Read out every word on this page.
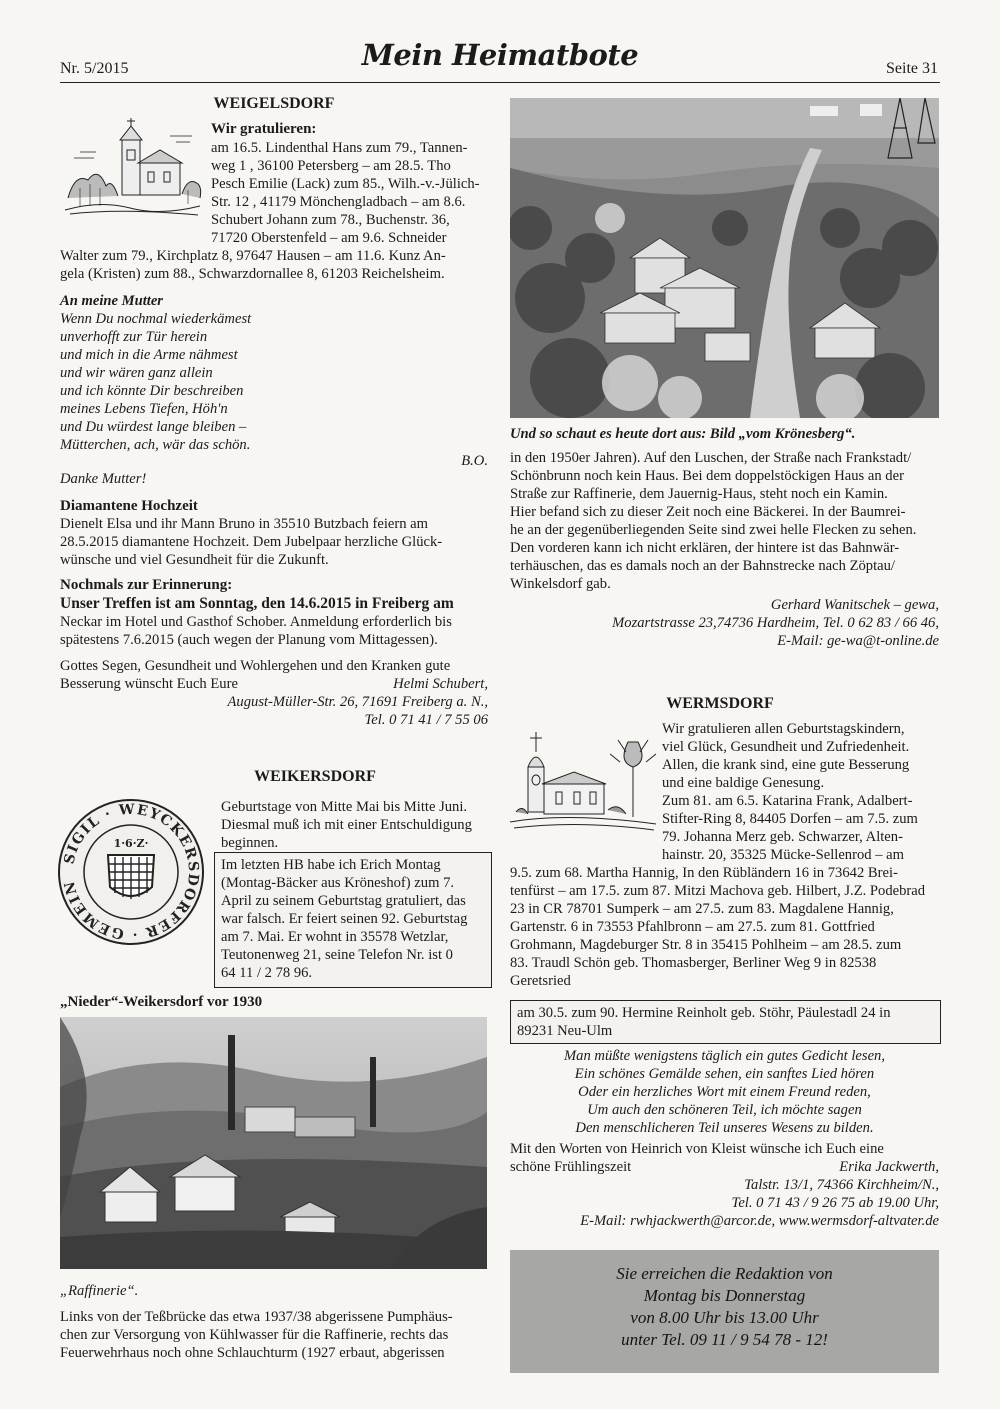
Nr. 5/2015	Mein Heimatbote	Seite 31
WEIGELSDORF
Wir gratulieren:

am 16.5. Lindenthal Hans zum 79., Tannen-

weg 1 , 36100 Petersberg – am 28.5. Tho

Pesch Emilie (Lack) zum 85., Wilh.-v.-Jülich-

Str. 12 , 41179 Mönchengladbach – am 8.6.

Schubert Johann zum 78., Buchenstr. 36,

71720 Oberstenfeld – am 9.6. Schneider

Walter zum 79., Kirchplatz 8, 97647 Hausen – am 11.6. Kunz An-

gela (Kristen) zum 88., Schwarzdornallee 8, 61203 Reichelsheim.

An meine Mutter

Wenn Du nochmal wiederkämest

unverhofft zur Tür herein

und mich in die Arme nähmest

und wir wären ganz allein

und ich könnte Dir beschreiben

meines Lebens Tiefen, Höh'n

und Du würdest lange bleiben –

Mütterchen, ach, wär das schön.

B.O.
Danke Mutter!
Diamantene Hochzeit

Dienelt Elsa und ihr Mann Bruno in 35510 Butzbach feiern am

28.5.2015 diamantene Hochzeit. Dem Jubelpaar herzliche Glück-

wünsche und viel Gesundheit für die Zukunft.

Nochmals zur Erinnerung:

Unser Treffen ist am Sonntag, den 14.6.2015 in Freiberg am

Neckar im Hotel und Gasthof Schober. Anmeldung erforderlich bis

spätestens 7.6.2015 (auch wegen der Planung vom Mittagessen).

Gottes Segen, Gesundheit und Wohlergehen und den Kranken gute

Besserung wünscht Euch Eure	Helmi Schubert,

August-Müller-Str. 26, 71691 Freiberg a. N.,

Tel. 0 71 41 / 7 55 06

WEIKERSDORF
SIGIL · WEYCKERSDORFER · GEMEIN
1·6·Z·

Geburtstage von Mitte Mai bis Mitte Juni.

Diesmal muß ich mit einer Entschuldigung

beginnen.

Im letzten HB habe ich Erich Montag

(Montag-Bäcker aus Kröneshof) zum 7.

April zu seinem Geburtstag gratuliert, das

war falsch. Er feiert seinen 92. Geburtstag

am 7. Mai. Er wohnt in 35578 Wetzlar,

Teutonenweg 21, seine Telefon Nr. ist 0

64 11 / 2 78 96.

„Nieder“-Weikersdorf vor 1930
„Raffinerie“.

Links von der Teßbrücke das etwa 1937/38 abgerissene Pumphäus-

chen zur Versorgung von Kühlwasser für die Raffinerie, rechts das

Feuerwehrhaus noch ohne Schlauchturm (1927 erbaut, abgerissen

Und so schaut es heute dort aus: Bild „vom Krönesberg“.

in den 1950er Jahren). Auf den Luschen, der Straße nach Frankstadt/

Schönbrunn noch kein Haus. Bei dem doppelstöckigen Haus an der

Straße zur Raffinerie, dem Jauernig-Haus, steht noch ein Kamin.

Hier befand sich zu dieser Zeit noch eine Bäckerei. In der Baumrei-

he an der gegenüberliegenden Seite sind zwei helle Flecken zu sehen.

Den vorderen kann ich nicht erklären, der hintere ist das Bahnwär-

terhäuschen, das es damals noch an der Bahnstrecke nach Zöptau/

Winkelsdorf gab.

Gerhard Wanitschek – gewa,

Mozartstrasse 23,74736 Hardheim, Tel. 0 62 83 / 66 46,

E-Mail: ge-wa@t-online.de

WERMSDORF

Wir gratulieren allen Geburtstagskindern,

viel Glück, Gesundheit und Zufriedenheit.

Allen, die krank sind, eine gute Besserung

und eine baldige Genesung.

Zum 81. am 6.5. Katarina Frank, Adalbert-

Stifter-Ring 8, 84405 Dorfen – am 7.5. zum

79. Johanna Merz geb. Schwarzer, Alten-

hainstr. 20, 35325 Mücke-Sellenrod – am

9.5. zum 68. Martha Hannig, In den Rübländern 16 in 73642 Brei-

tenfürst – am 17.5. zum 87. Mitzi Machova geb. Hilbert, J.Z. Podebrad

23 in CR 78701 Sumperk – am 27.5. zum 83. Magdalene Hannig,

Gartenstr. 6 in 73553 Pfahlbronn – am 27.5. zum 81. Gottfried

Grohmann, Magdeburger Str. 8 in 35415 Pohlheim – am 28.5. zum

83. Traudl Schön geb. Thomasberger, Berliner Weg 9 in 82538

Geretsried

am 30.5. zum 90. Hermine Reinholt geb. Stöhr, Päulestadl 24 in

89231 Neu-Ulm

Man müßte wenigstens täglich ein gutes Gedicht lesen,

Ein schönes Gemälde sehen, ein sanftes Lied hören

Oder ein herzliches Wort mit einem Freund reden,

Um auch den schöneren Teil, ich möchte sagen

Den menschlicheren Teil unseres Wesens zu bilden.

Mit den Worten von Heinrich von Kleist wünsche ich Euch eine

schöne Frühlingszeit	Erika Jackwerth,

Talstr. 13/1, 74366 Kirchheim/N.,

Tel. 0 71 43 / 9 26 75 ab 19.00 Uhr,

E-Mail: rwhjackwerth@arcor.de, www.wermsdorf-altvater.de

Sie erreichen die Redaktion von
Montag bis Donnerstag
von 8.00 Uhr bis 13.00 Uhr
unter Tel. 09 11 / 9 54 78 - 12!
